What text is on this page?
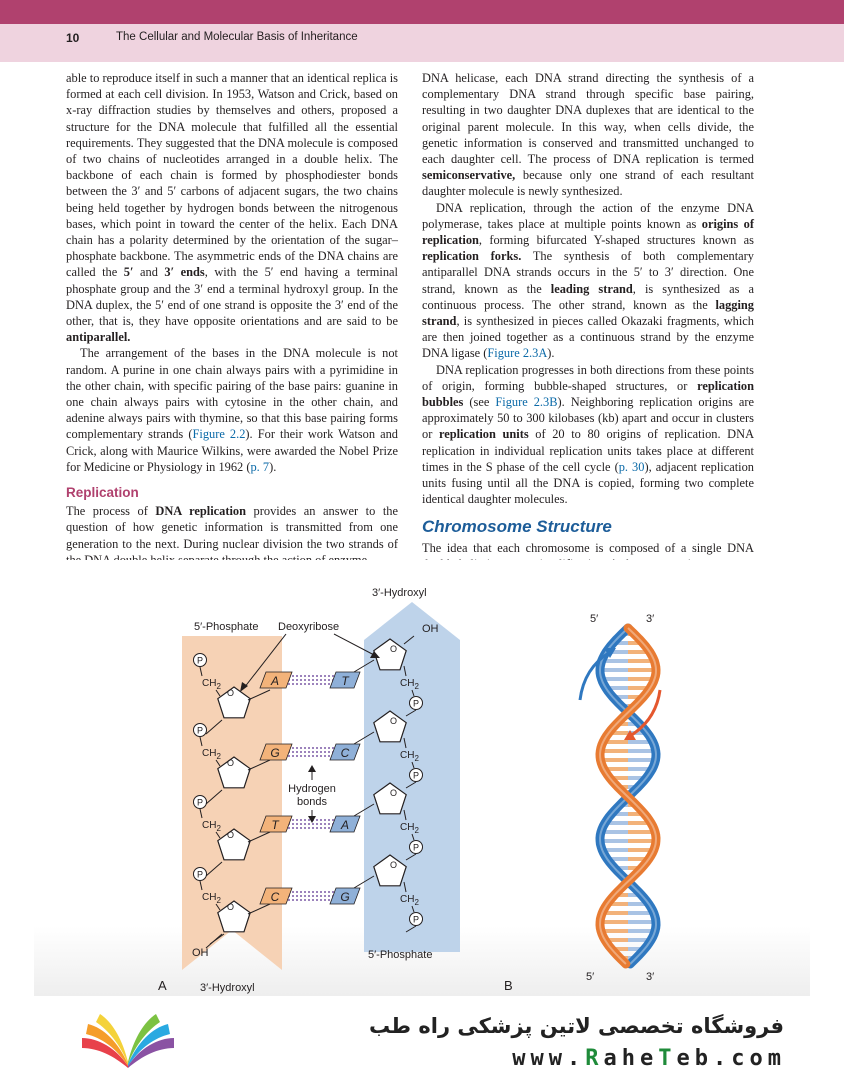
10	The Cellular and Molecular Basis of Inheritance

able to reproduce itself in such a manner that an identical replica is formed at each cell division. In 1953, Watson and Crick, based on x-ray diffraction studies by themselves and others, proposed a structure for the DNA molecule that fulfilled all the essential requirements. They suggested that the DNA molecule is composed of two chains of nucleotides arranged in a double helix. The backbone of each chain is formed by phosphodiester bonds between the 3′ and 5′ carbons of adjacent sugars, the two chains being held together by hydrogen bonds between the nitrogenous bases, which point in toward the center of the helix. Each DNA chain has a polarity determined by the orientation of the sugar–phosphate backbone. The asymmetric ends of the DNA chains are called the 5′ and 3′ ends, with the 5′ end having a terminal phosphate group and the 3′ end a terminal hydroxyl group. In the DNA duplex, the 5′ end of one strand is opposite the 3′ end of the other, that is, they have opposite orientations and are said to be antiparallel.

The arrangement of the bases in the DNA molecule is not random. A purine in one chain always pairs with a pyrimidine in the other chain, with specific pairing of the base pairs: guanine in one chain always pairs with cytosine in the other chain, and adenine always pairs with thymine, so that this base pairing forms complementary strands (Figure 2.2). For their work Watson and Crick, along with Maurice Wilkins, were awarded the Nobel Prize for Medicine or Physiology in 1962 (p. 7).

Replication

The process of DNA replication provides an answer to the question of how genetic information is transmitted from one generation to the next. During nuclear division the two strands of

DNA helicase, each DNA strand directing the synthesis of a complementary DNA strand through specific base pairing, resulting in two daughter DNA duplexes that are identical to the original parent molecule. In this way, when cells divide, the genetic information is conserved and transmitted unchanged to each daughter cell. The process of DNA replication is termed semiconservative, because only one strand of each resultant daughter molecule is newly synthesized.

DNA replication, through the action of the enzyme DNA polymerase, takes place at multiple points known as origins of replication, forming bifurcated Y-shaped structures known as replication forks. The synthesis of both complementary antiparallel DNA strands occurs in the 5′ to 3′ direction. One strand, known as the leading strand, is synthesized as a continuous process. The other strand, known as the lagging strand, is synthesized in pieces called Okazaki fragments, which are then joined together as a continuous strand by the enzyme DNA ligase (Figure 2.3A).

DNA replication progresses in both directions from these points of origin, forming bubble-shaped structures, or replication bubbles (see Figure 2.3B). Neighboring replication origins are approximately 50 to 300 kilobases (kb) apart and occur in clusters or replication units of 20 to 80 origins of replication. DNA replication in individual replication units takes place at different times in the S phase of the cell cycle (p. 30), adjacent replication units fusing until all the DNA is copied, forming two complete identical daughter molecules.

Chromosome Structure

The idea that each chromosome is composed of a single DNA

P
$CH_2$
O
P
$CH_2$
O
P
$CH_2$
O
P
$CH_2$
O
O
$CH_2$
P
O
$CH_2$
P
O
$CH_2$
P
O
$CH_2$
P
A	T
G	C
T	A
C	G
5′-Phosphate
3′-Hydroxyl
Deoxyribose	OH
Hydrogen bonds
OH
3′-Hydroxyl
5′-Phosphate
A
5′	3′
5′	3′
B
فروشگاه تخصصی لاتین پزشکی راه طب
www.RaheTeb.com
